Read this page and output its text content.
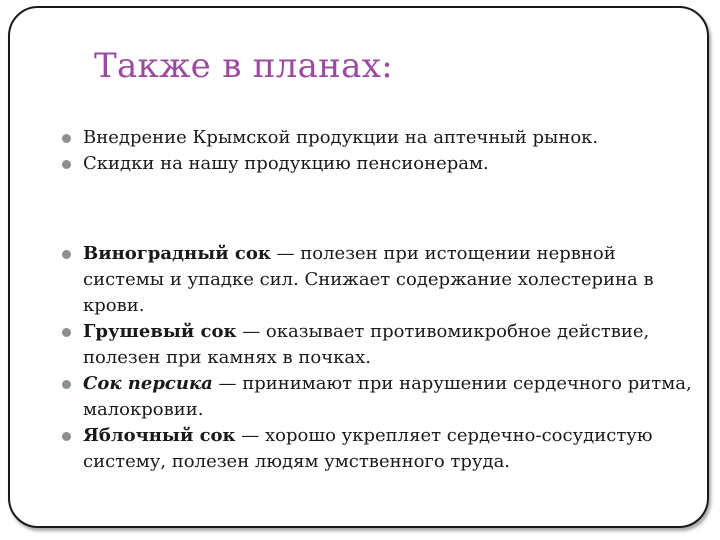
Также в планах:
Внедрение Крымской продукции на аптечный рынок.
Скидки на нашу продукцию пенсионерам.
Виноградный сок — полезен при истощении нервной системы и упадке сил. Снижает содержание холестерина в крови.
Грушевый сок — оказывает противомикробное действие, полезен при камнях в почках.
Сок персика — принимают при нарушении сердечного ритма, малокровии.
Яблочный сок — хорошо укрепляет сердечно-сосудистую систему, полезен людям умственного труда.
